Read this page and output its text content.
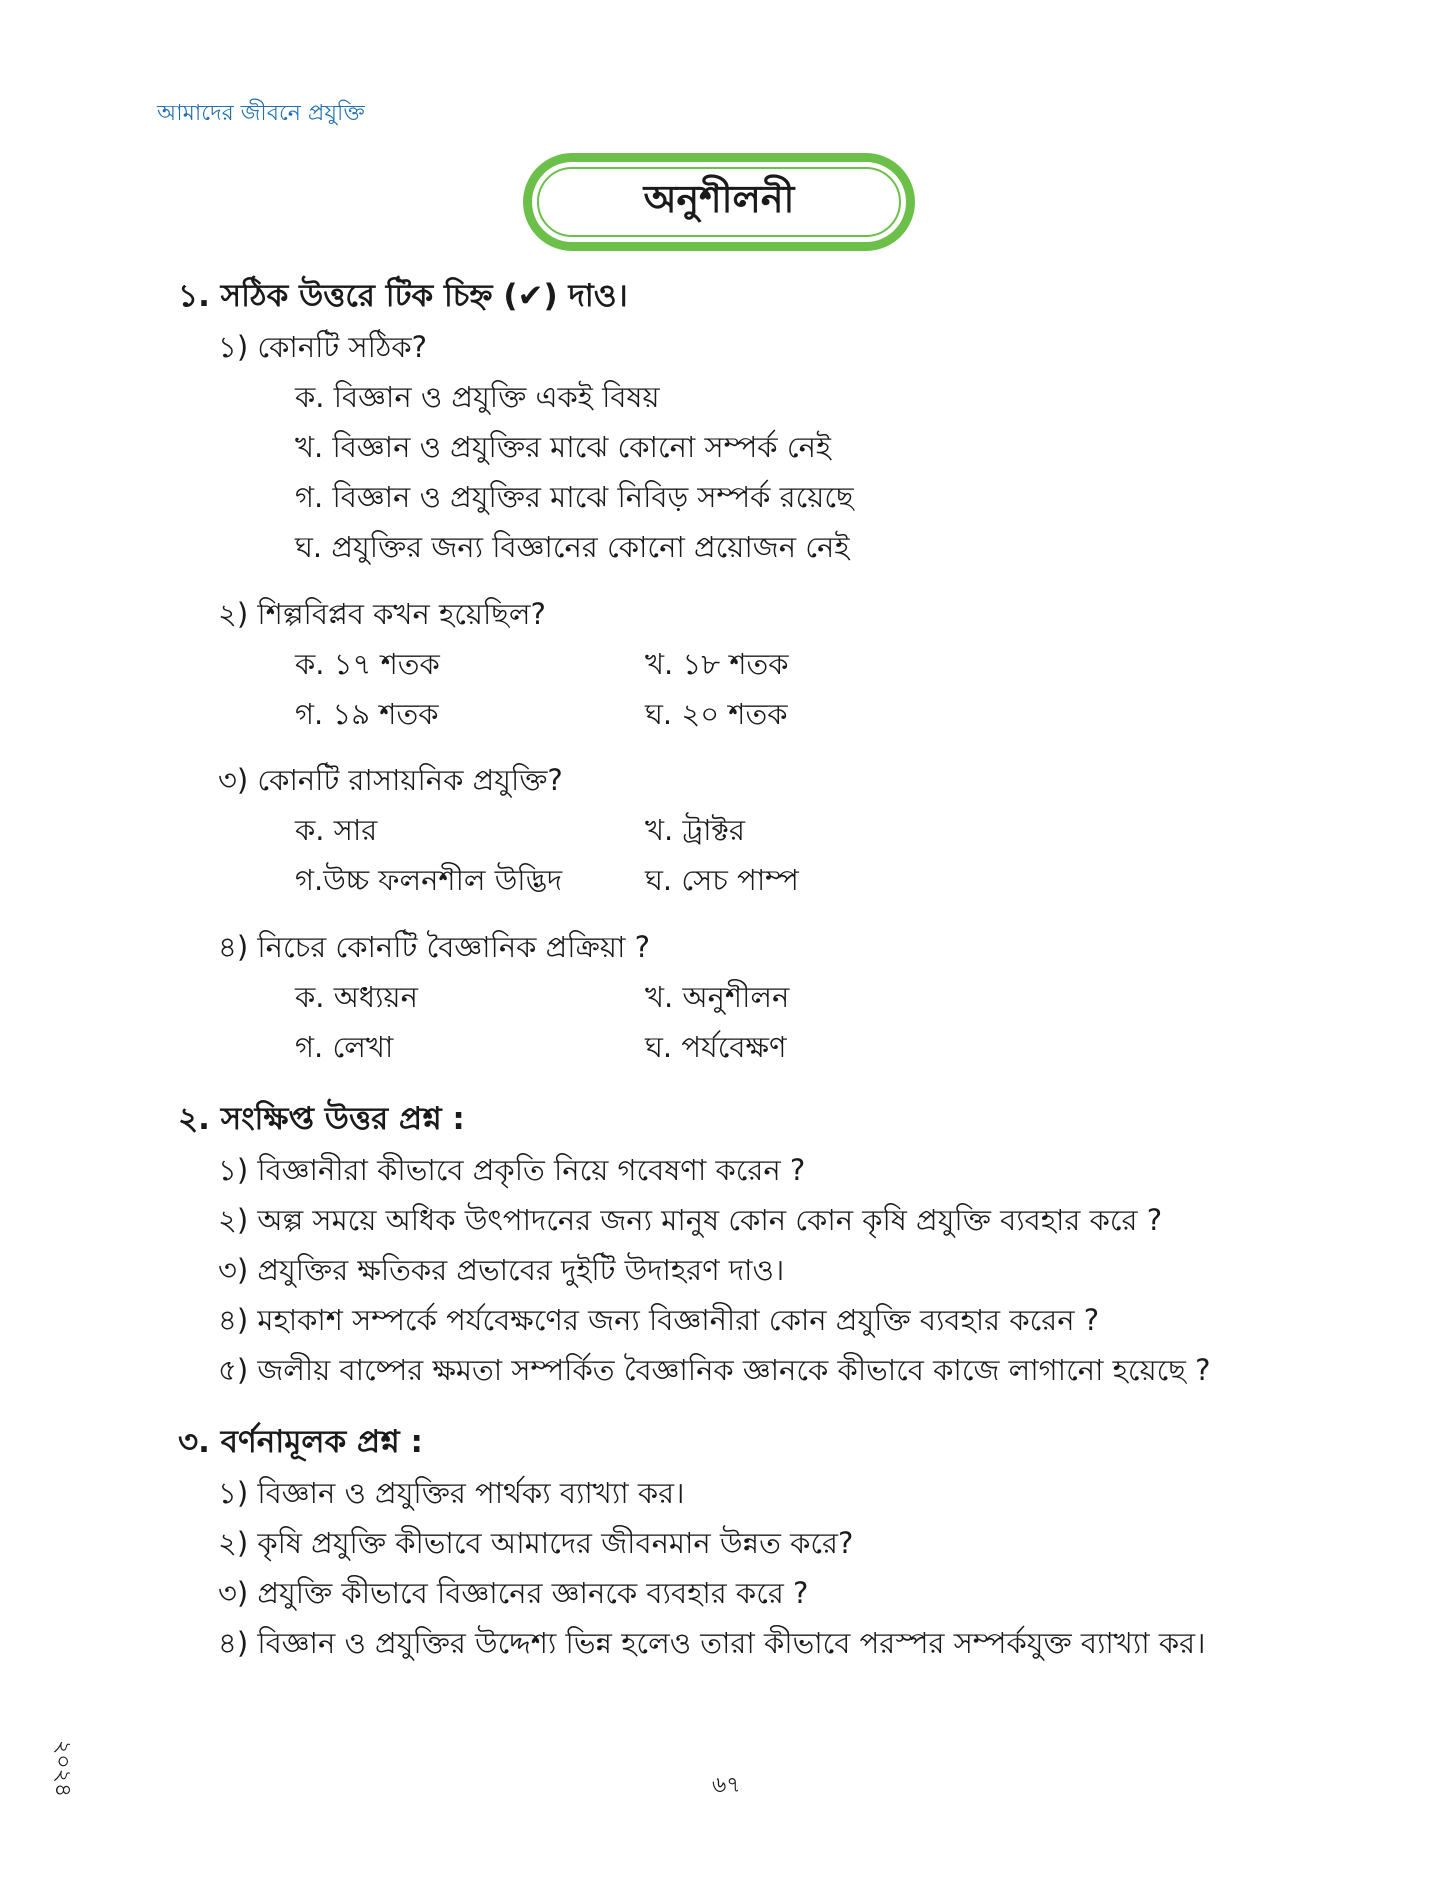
আমাদের জীবনে প্রযুক্তি
অনুশীলনী
১. সঠিক উত্তরে টিক চিহ্ন (✔) দাও।
১) কোনটি সঠিক?
ক. বিজ্ঞান ও প্রযুক্তি একই বিষয়
খ. বিজ্ঞান ও প্রযুক্তির মাঝে কোনো সম্পর্ক নেই
গ. বিজ্ঞান ও প্রযুক্তির মাঝে নিবিড় সম্পর্ক রয়েছে
ঘ. প্রযুক্তির জন্য বিজ্ঞানের কোনো প্রয়োজন নেই
২) শিল্পবিপ্লব কখন হয়েছিল?
ক. ১৭ শতক	খ. ১৮ শতক
গ. ১৯ শতক	ঘ. ২০ শতক
৩) কোনটি রাসায়নিক প্রযুক্তি?
ক. সার	খ. ট্রাক্টর
গ.উচ্চ ফলনশীল উদ্ভিদ	ঘ. সেচ পাম্প
৪) নিচের কোনটি বৈজ্ঞানিক প্রক্রিয়া ?
ক. অধ্যয়ন	খ. অনুশীলন
গ. লেখা	ঘ. পর্যবেক্ষণ
২. সংক্ষিপ্ত উত্তর প্রশ্ন :
১) বিজ্ঞানীরা কীভাবে প্রকৃতি নিয়ে গবেষণা করেন ?
২) অল্প সময়ে অধিক উৎপাদনের জন্য মানুষ কোন কোন কৃষি প্রযুক্তি ব্যবহার করে ?
৩) প্রযুক্তির ক্ষতিকর প্রভাবের দুইটি উদাহরণ দাও।
৪) মহাকাশ সম্পর্কে পর্যবেক্ষণের জন্য বিজ্ঞানীরা কোন প্রযুক্তি ব্যবহার করেন ?
৫) জলীয় বাষ্পের ক্ষমতা সম্পর্কিত বৈজ্ঞানিক জ্ঞানকে কীভাবে কাজে লাগানো হয়েছে ?
৩. বর্ণনামূলক প্রশ্ন :
১) বিজ্ঞান ও প্রযুক্তির পার্থক্য ব্যাখ্যা কর।
২) কৃষি প্রযুক্তি কীভাবে আমাদের জীবনমান উন্নত করে?
৩) প্রযুক্তি কীভাবে বিজ্ঞানের জ্ঞানকে ব্যবহার করে ?
৪) বিজ্ঞান ও প্রযুক্তির উদ্দেশ্য ভিন্ন হলেও তারা কীভাবে পরস্পর সম্পর্কযুক্ত ব্যাখ্যা কর।
২০২৪	৬৭
